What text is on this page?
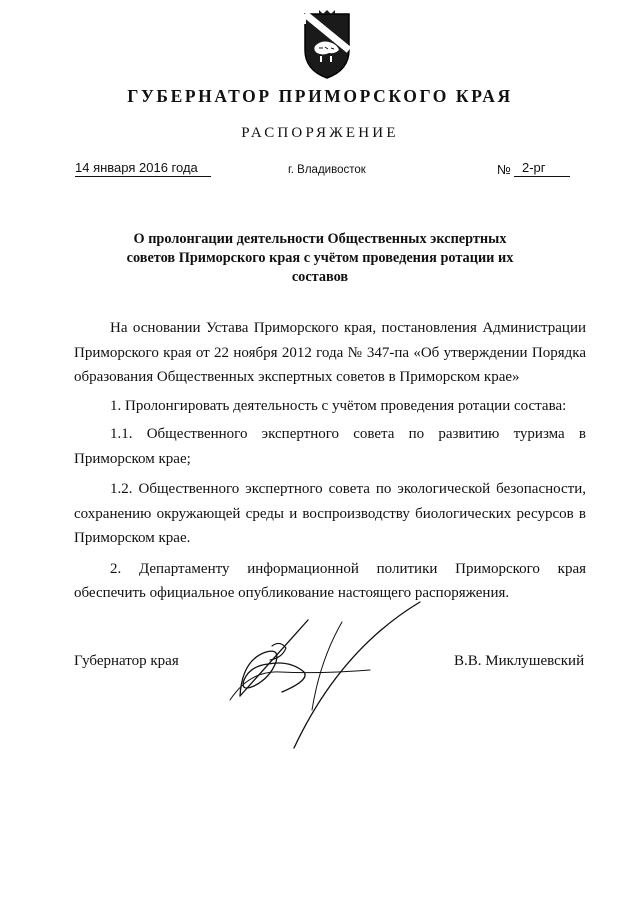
ГУБЕРНАТОР ПРИМОРСКОГО КРАЯ
РАСПОРЯЖЕНИЕ
14 января 2016 года	г. Владивосток	№ 2-рг
О пролонгации деятельности Общественных экспертных советов Приморского края с учётом проведения ротации их составов

На основании Устава Приморского края, постановления Администрации Приморского края от 22 ноября 2012 года № 347-па «Об утверждении Порядка образования Общественных экспертных советов в Приморском крае»

1. Пролонгировать деятельность с учётом проведения ротации состава:

1.1. Общественного экспертного совета по развитию туризма в Приморском крае;

1.2. Общественного экспертного совета по экологической безопасности, сохранению окружающей среды и воспроизводству биологических ресурсов в Приморском крае.

2. Департаменту информационной политики Приморского края обеспечить официальное опубликование настоящего распоряжения.

Губернатор края	В.В. Миклушевский
